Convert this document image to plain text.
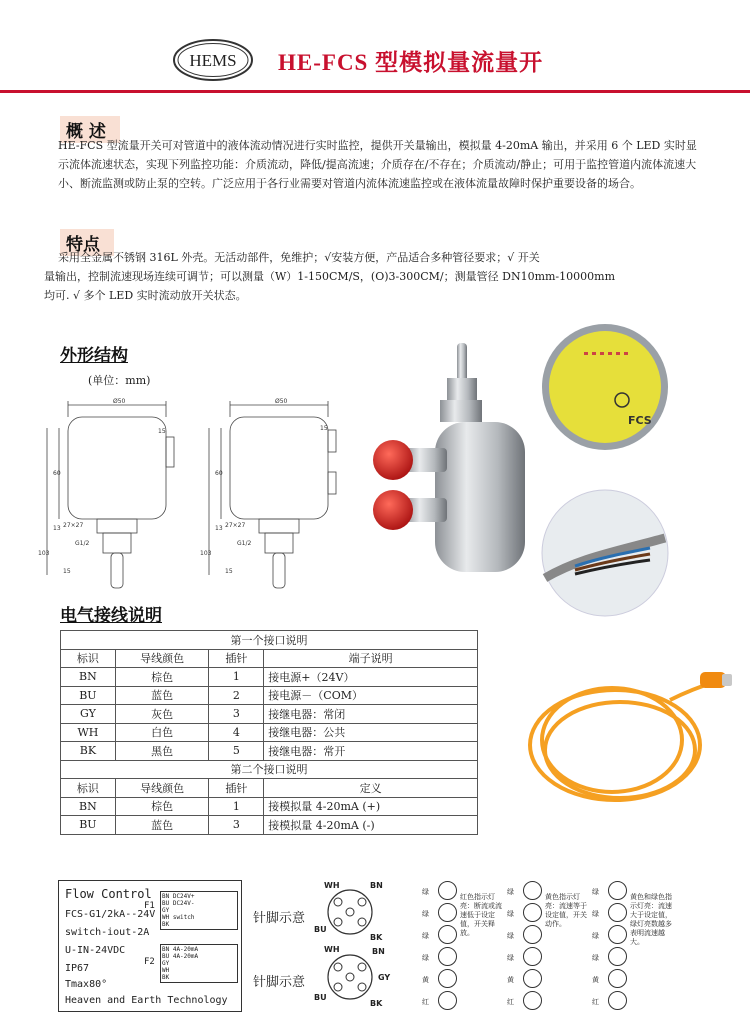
HEMS HE-FCS 型模拟量流量开
概 述
HE-FCS 型流量开关可对管道中的液体流动情况进行实时监控，提供开关量输出，模拟量 4-20mA 输出，并采用 6 个 LED 实时显示流体流速状态，实现下列监控功能：介质流动，降低/提高流速；介质存在/不存在；介质流动/静止；可用于监控管道内流体流速大小、断流监测或防止泵的空转。广泛应用于各行业需要对管道内流体流速监控或在液体流量故障时保护重要设备的场合。
特点
采用全金属不锈钢 316L 外壳。无活动部件，免维护；√安装方便，产品适合多种管径要求；√ 开关
量输出，控制流速现场连续可调节；可以测量（W）1-150CM/S，(O)3-300CM/；测量管径 DN10mm-10000mm
均可. √ 多个 LED 实时流动放开关状态。
外形结构
(单位：mm)
Ø50
15
60
13 27×27
G1/2
103
15
Ø50
15
60
13 27×27
G1/2
103
15
FCS
电气接线说明
第一个接口说明			
标识	导线颜色	插针	端子说明
BN	棕色	1	接电源+（24V）
BU	蓝色	2	接电源－（COM）
GY	灰色	3	接继电器：常闭
WH	白色	4	接继电器：公共
BK	黑色	5	接继电器：常开
第二个接口说明			
标识	导线颜色	插针	定义
BN	棕色	1	接模拟量 4-20mA (+)
BU	蓝色	3	接模拟量 4-20mA (-)
Flow Control
FCS-G1/2kA--24V
switch-iout-2A
U-IN-24VDC
IP67
Tmax80°
Heaven and Earth Technology
F1
BN DC24V+
BU DC24V-
GY
WH switch
BK
F2
BN 4A-20mA
BU 4A-20mA
GY
WH
BK
针脚示意
针脚示意
WH	BN
BU
BK
WH	BN
GY
BU
BK
绿
绿
绿
绿
黄
红
红色指示灯亮：断流或流速低于设定值，开关释放。
绿
绿
绿
绿
黄
红
黄色指示灯亮：流速等于设定值，开关动作。
绿
绿
绿
绿
黄
红
黄色和绿色指示灯亮：流速大于设定值，绿灯亮数越多表明流速越大。
